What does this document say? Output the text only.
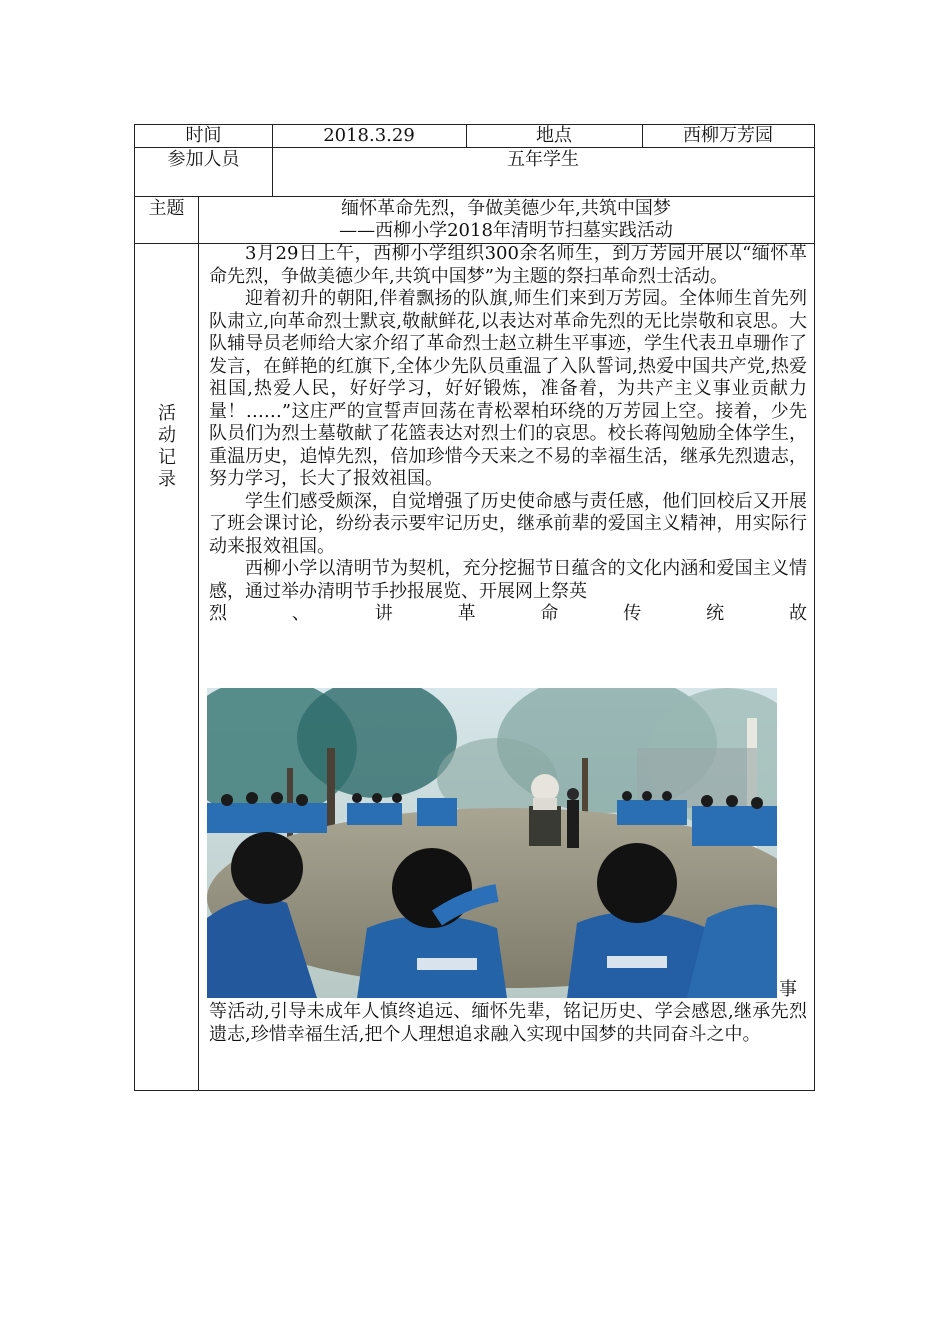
时间	2018.3.29	地点	西柳万芳园
参加人员	五年学生
主题	缅怀革命先烈，争做美德少年,共筑中国梦
——西柳小学2018年清明节扫墓实践活动
活动记录

3月29日上午，西柳小学组织300余名师生，到万芳园开展以“缅怀革命先烈，争做美德少年,共筑中国梦”为主题的祭扫革命烈士活动。

迎着初升的朝阳,伴着飘扬的队旗,师生们来到万芳园。全体师生首先列队肃立,向革命烈士默哀,敬献鲜花,以表达对革命先烈的无比崇敬和哀思。大队辅导员老师给大家介绍了革命烈士赵立耕生平事迹，学生代表丑卓珊作了发言，在鲜艳的红旗下,全体少先队员重温了入队誓词,热爱中国共产党,热爱祖国,热爱人民，好好学习，好好锻炼，准备着，为共产主义事业贡献力量！……”这庄严的宣誓声回荡在青松翠柏环绕的万芳园上空。接着，少先队员们为烈士墓敬献了花篮表达对烈士们的哀思。校长蒋闯勉励全体学生，重温历史，追悼先烈，倍加珍惜今天来之不易的幸福生活，继承先烈遗志，努力学习，长大了报效祖国。

学生们感受颇深，自觉增强了历史使命感与责任感，他们回校后又开展了班会课讨论，纷纷表示要牢记历史，继承前辈的爱国主义精神，用实际行动来报效祖国。

西柳小学以清明节为契机，充分挖掘节日蕴含的文化内涵和爱国主义情感，通过举办清明节手抄报展览、开展网上祭英

烈 、 讲 革 命 传 统 故

事
等活动,引导未成年人慎终追远、缅怀先辈，铭记历史、学会感恩,继承先烈遗志,珍惜幸福生活,把个人理想追求融入实现中国梦的共同奋斗之中。
